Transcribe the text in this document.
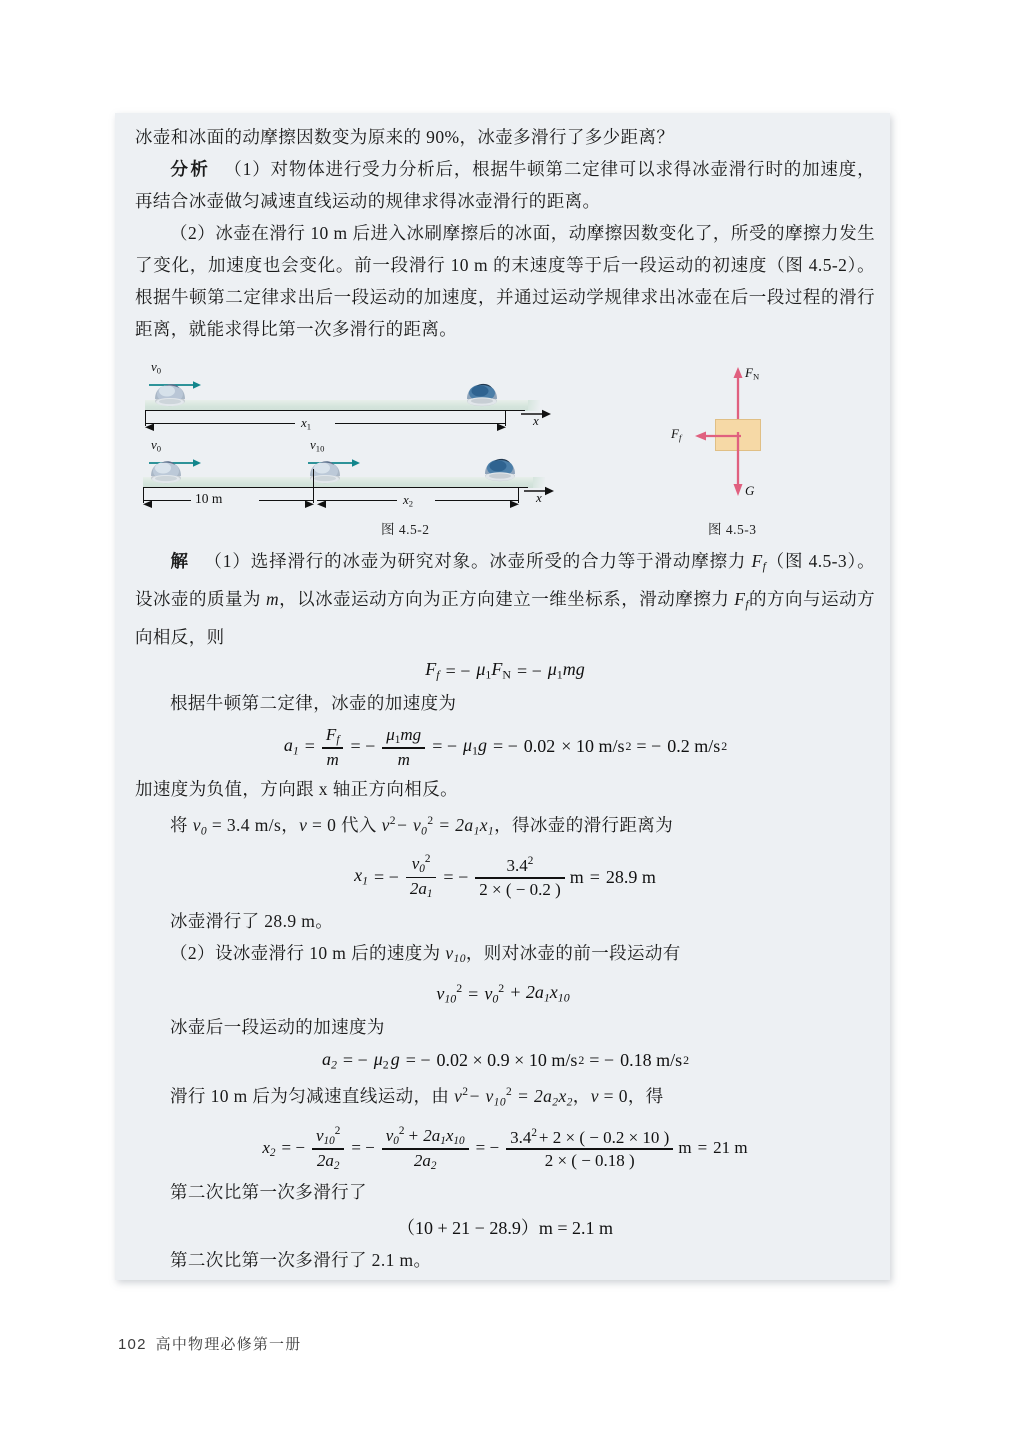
冰壶和冰面的动摩擦因数变为原来的 90%，冰壶多滑行了多少距离？

分析 （1）对物体进行受力分析后，根据牛顿第二定律可以求得冰壶滑行时的加速度，再结合冰壶做匀减速直线运动的规律求得冰壶滑行的距离。

（2）冰壶在滑行 10 m 后进入冰刷摩擦后的冰面，动摩擦因数变化了，所受的摩擦力发生了变化，加速度也会变化。前一段滑行 10 m 的末速度等于后一段运动的初速度（图 4.5-2）。根据牛顿第二定律求出后一段运动的加速度，并通过运动学规律求出冰壶在后一段过程的滑行距离，就能求得比第一次多滑行的距离。

$v_0$
x
$x_1$
$v_0$	$v_{10}$
x
10 m	$x_2$
图 4.5-2
$F_N$
G
Ff
图 4.5-3

解 （1）选择滑行的冰壶为研究对象。冰壶所受的合力等于滑动摩擦力 Ff（图 4.5-3）。设冰壶的质量为 m，以冰壶运动方向为正方向建立一维坐标系，滑动摩擦力 Ff的方向与运动方向相反，则

Ff = − $\mu_1F_N$ = − $\mu_1mg$

根据牛顿第二定律，冰壶的加速度为

$a1 = \frac{Ff}{m}$ = − $\frac{\mu_1mg}{m}$ = − $\mu_1g$ = − 0.02 × 10 m/s 2 = − 0.2 m/s 2

加速度为负值，方向跟 x 轴正方向相反。

将 v0 = 3.4 m/s，v = 0 代入 $v^2- v0^2 = 2a1x1$，得冰壶的滑行距离为

x1 = − $\frac{v0^2}{2a1}$ = − $\frac{3.4^2}{2 \times ( - 0.2 )}$ m = 28.9 m

冰壶滑行了 28.9 m。

（2）设冰壶滑行 10 m 后的速度为 v10，则对冰壶的前一段运动有

$v10^2 = v0^2 + 2a1x10$

冰壶后一段运动的加速度为

a2 = − $\mu_2$ g = − 0.02 × 0.9 × 10 m/s 2 = − 0.18 m/s 2

滑行 10 m 后为匀减速直线运动，由 $v^2- v10^2 = 2a2x2$，v = 0，得

x2 = − $\frac{v10^2}{2a2}$ = − $\frac{v0^2 + 2a1x10}{2a2}$ = − $\frac{3.4^2 + 2 \times ( - 0.2 \times 10 )}{2 \times ( - 0.18 )}$ m = 21 m

第二次比第一次多滑行了

（10 + 21 − 28.9）m = 2.1 m

第二次比第一次多滑行了 2.1 m。

102 高中物理必修第一册
